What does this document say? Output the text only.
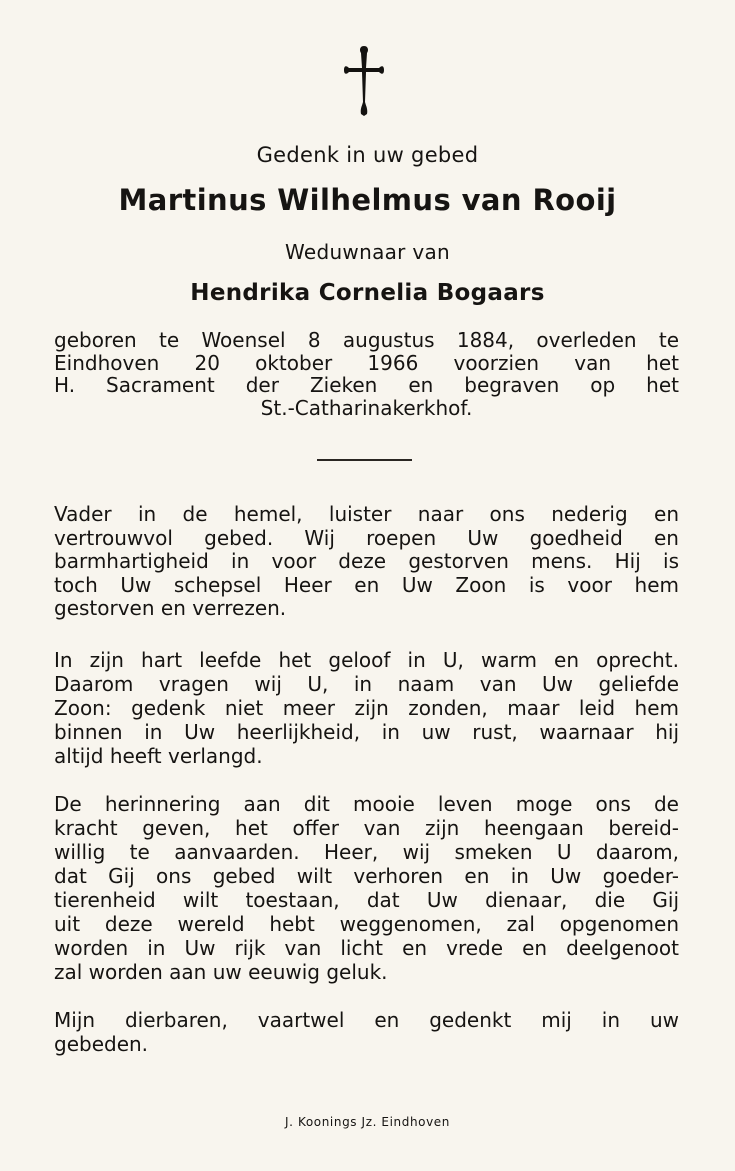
Gedenk in uw gebed
Martinus Wilhelmus van Rooij
Weduwnaar van
Hendrika Cornelia Bogaars
geboren te Woensel 8 augustus 1884, overleden te
Eindhoven 20 oktober 1966 voorzien van het
H. Sacrament der Zieken en begraven op het
St.-Catharinakerkhof.
Vader in de hemel, luister naar ons nederig en
vertrouwvol gebed. Wij roepen Uw goedheid en
barmhartigheid in voor deze gestorven mens. Hij is
toch Uw schepsel Heer en Uw Zoon is voor hem
gestorven en verrezen.
In zijn hart leefde het geloof in U, warm en oprecht.
Daarom vragen wij U, in naam van Uw geliefde
Zoon: gedenk niet meer zijn zonden, maar leid hem
binnen in Uw heerlijkheid, in uw rust, waarnaar hij
altijd heeft verlangd.
De herinnering aan dit mooie leven moge ons de
kracht geven, het offer van zijn heengaan bereid-
willig te aanvaarden. Heer, wij smeken U daarom,
dat Gij ons gebed wilt verhoren en in Uw goeder-
tierenheid wilt toestaan, dat Uw dienaar, die Gij
uit deze wereld hebt weggenomen, zal opgenomen
worden in Uw rijk van licht en vrede en deelgenoot
zal worden aan uw eeuwig geluk.
Mijn dierbaren, vaartwel en gedenkt mij in uw
gebeden.
J. Koonings Jz. Eindhoven
